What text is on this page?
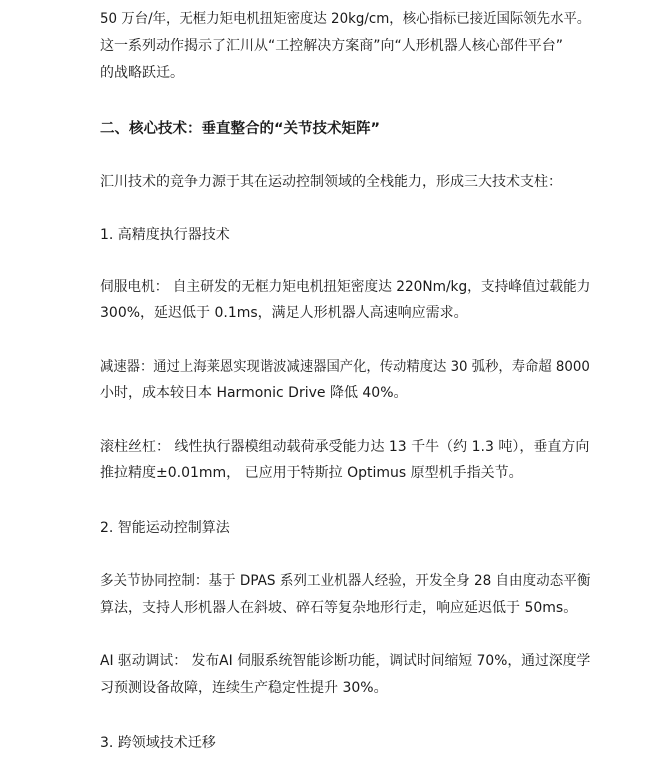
50 万台/年，无框力矩电机扭矩密度达 20kg/cm，核心指标已接近国际领先水平。
这一系列动作揭示了汇川从“工控解决方案商”向“人形机器人核心部件平台”
的战略跃迁。
二、核心技术：垂直整合的“关节技术矩阵”
汇川技术的竞争力源于其在运动控制领域的全栈能力，形成三大技术支柱：
1. 高精度执行器技术
伺服电机： 自主研发的无框力矩电机扭矩密度达 220Nm/kg，支持峰值过载能力
300%，延迟低于 0.1ms，满足人形机器人高速响应需求。
减速器：通过上海莱恩实现谐波减速器国产化，传动精度达 30 弧秒，寿命超 8000
小时，成本较日本 Harmonic Drive 降低 40%。
滚柱丝杠： 线性执行器模组动载荷承受能力达 13 千牛（约 1.3 吨），垂直方向
推拉精度±0.01mm， 已应用于特斯拉 Optimus 原型机手指关节。
2. 智能运动控制算法
多关节协同控制：基于 DPAS 系列工业机器人经验，开发全身 28 自由度动态平衡
算法，支持人形机器人在斜坡、碎石等复杂地形行走，响应延迟低于 50ms。
AI 驱动调试： 发布AI 伺服系统智能诊断功能，调试时间缩短 70%，通过深度学
习预测设备故障，连续生产稳定性提升 30%。
3. 跨领域技术迁移
